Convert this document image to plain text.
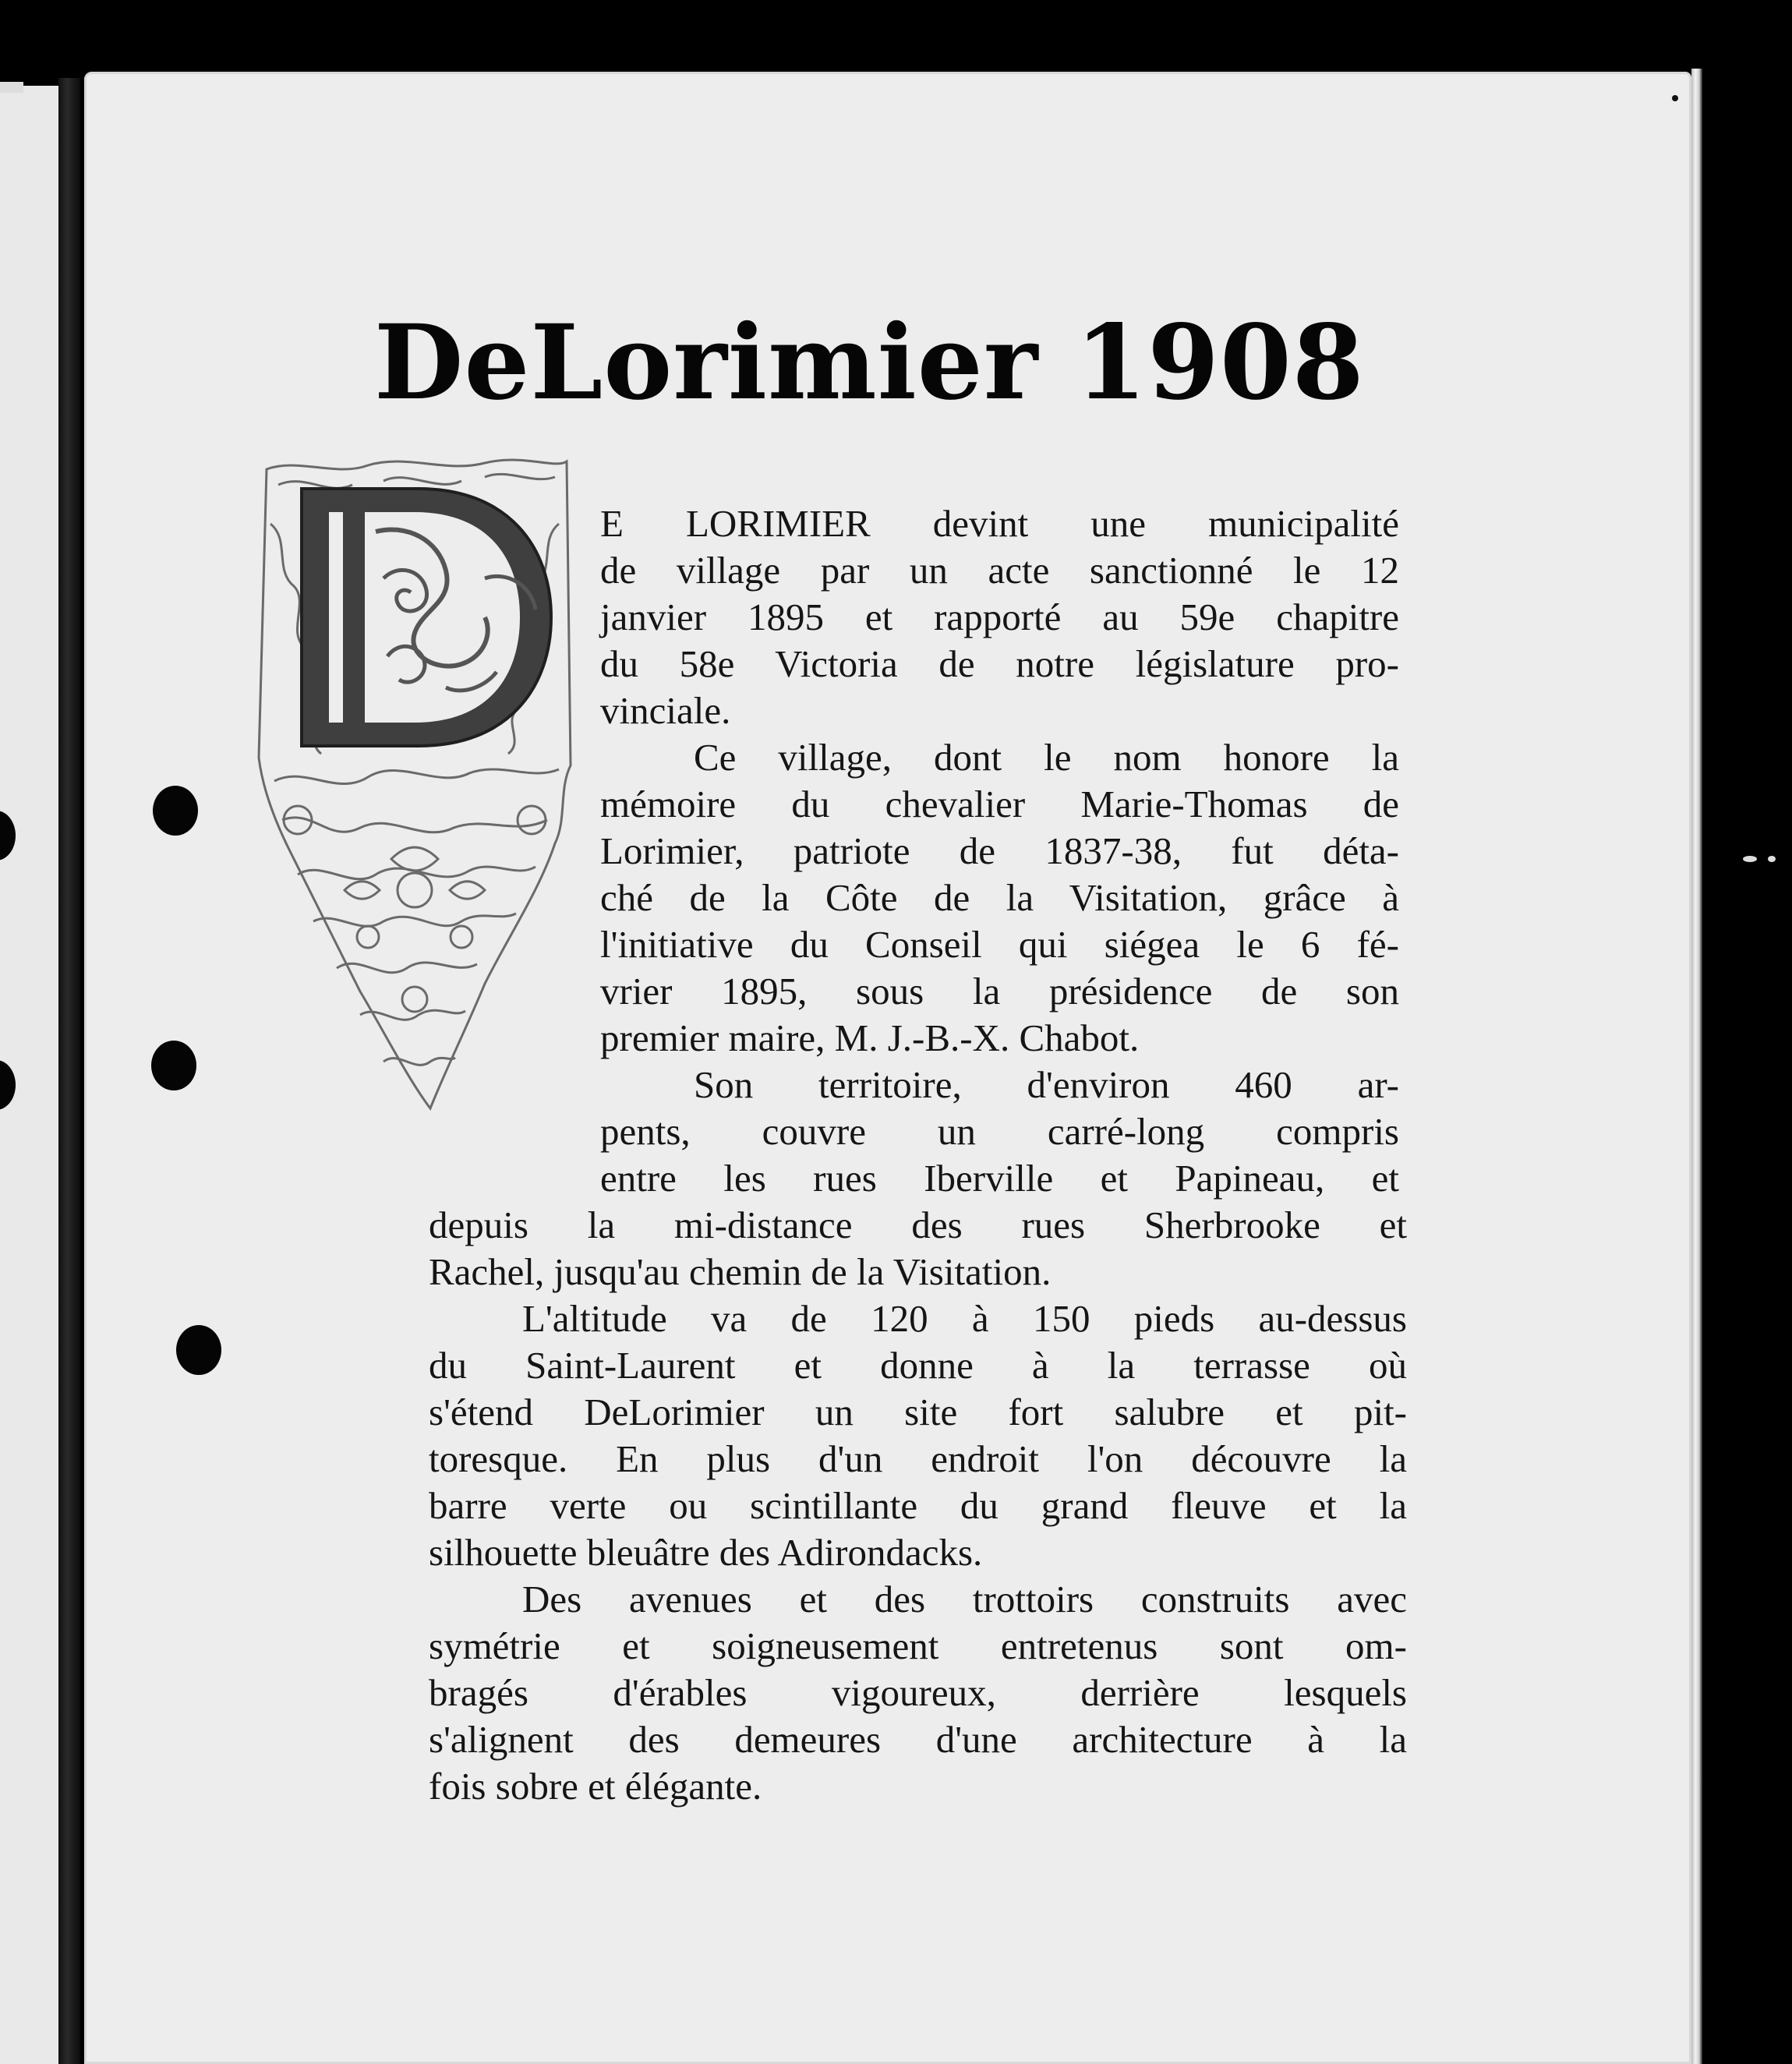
DeLorimier 1908
E LORIMIER devint une municipalité
de village par un acte sanctionné le 12
janvier 1895 et rapporté au 59e chapitre
du 58e Victoria de notre législature pro-
vinciale.
Ce village, dont le nom honore la
mémoire du chevalier Marie-Thomas de
Lorimier, patriote de 1837-38, fut déta-
ché de la Côte de la Visitation, grâce à
l'initiative du Conseil qui siégea le 6 fé-
vrier 1895, sous la présidence de son
premier maire, M. J.-B.-X. Chabot.
Son territoire, d'environ 460 ar-
pents, couvre un carré-long compris
entre les rues Iberville et Papineau, et
depuis la mi-distance des rues Sherbrooke et
Rachel, jusqu'au chemin de la Visitation.
L'altitude va de 120 à 150 pieds au-dessus
du Saint-Laurent et donne à la terrasse où
s'étend DeLorimier un site fort salubre et pit-
toresque. En plus d'un endroit l'on découvre la
barre verte ou scintillante du grand fleuve et la
silhouette bleuâtre des Adirondacks.
Des avenues et des trottoirs construits avec
symétrie et soigneusement entretenus sont om-
bragés d'érables vigoureux, derrière lesquels
s'alignent des demeures d'une architecture à la
fois sobre et élégante.
